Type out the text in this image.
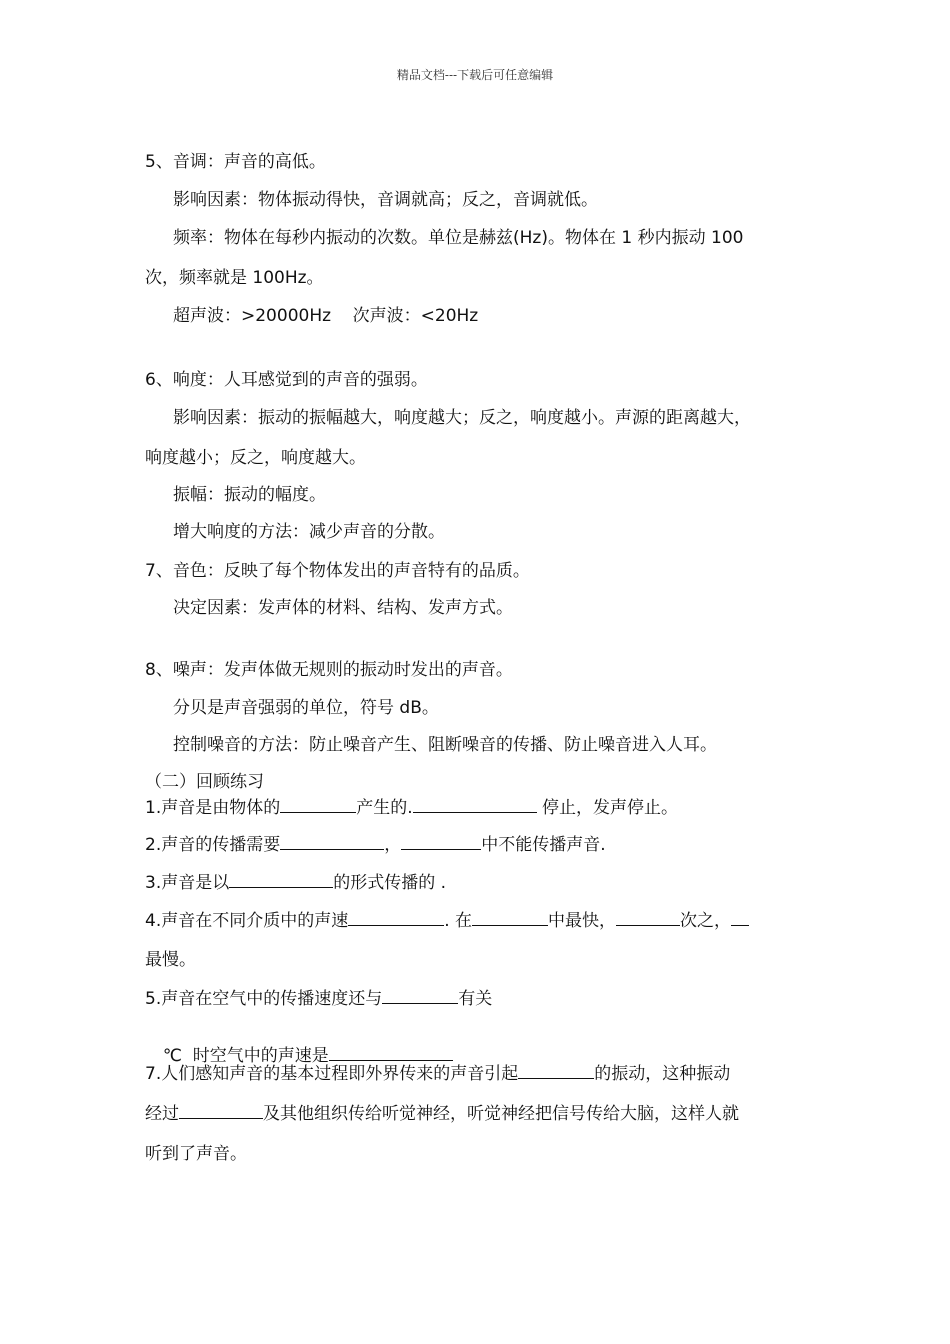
精品文档---下载后可任意编辑
5、音调：声音的高低。
影响因素：物体振动得快，音调就高；反之，音调就低。
频率：物体在每秒内振动的次数。单位是赫兹(Hz)。物体在 1 秒内振动 100
次，频率就是 100Hz。
超声波：>20000Hz    次声波：<20Hz
6、响度：人耳感觉到的声音的强弱。
影响因素：振动的振幅越大，响度越大；反之，响度越小。声源的距离越大，
响度越小；反之，响度越大。
振幅：振动的幅度。
增大响度的方法：减少声音的分散。
7、音色：反映了每个物体发出的声音特有的品质。
决定因素：发声体的材料、结构、发声方式。
8、噪声：发声体做无规则的振动时发出的声音。
分贝是声音强弱的单位，符号 dB。
控制噪音的方法：防止噪音产生、阻断噪音的传播、防止噪音进入人耳。
（二）回顾练习
1.声音是由物体的	产生的.	停止，发声停止。
2.声音的传播需要	，	中不能传播声音.
3.声音是以	的形式传播的 .
4.声音在不同介质中的声速	. 在	中最快，	次之，
最慢。
5.声音在空气中的传播速度还与	有关

℃  时空气中的声速是

7.人们感知声音的基本过程即外界传来的声音引起	的振动，这种振动
经过	及其他组织传给听觉神经，听觉神经把信号传给大脑，这样人就
听到了声音。
